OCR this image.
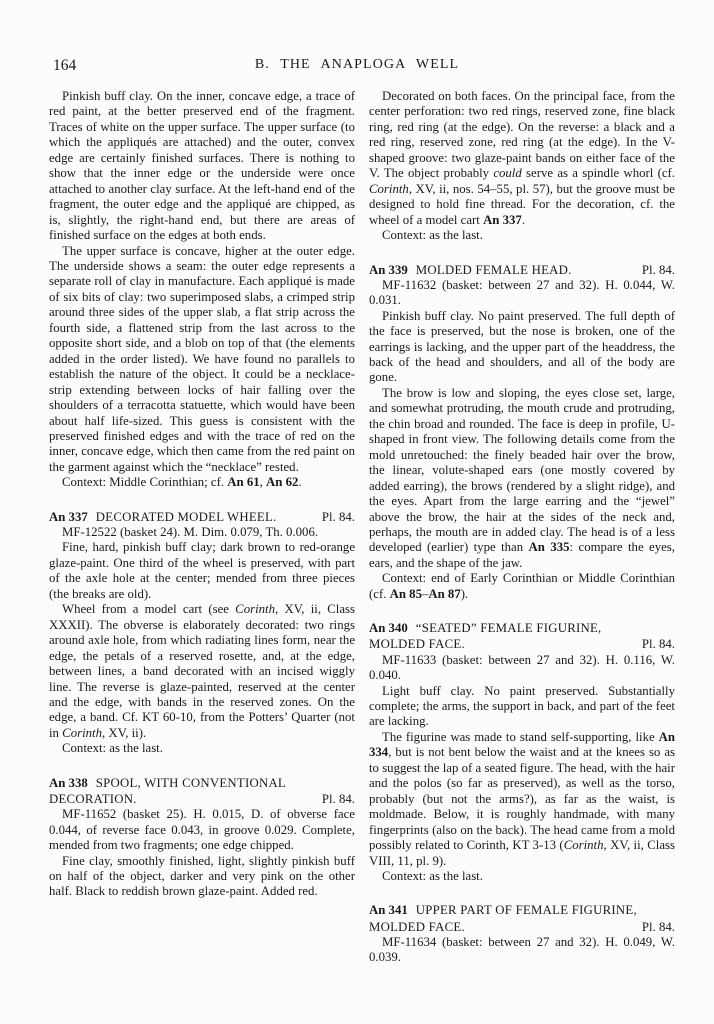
164	B. THE ANAPLOGA WELL

Pinkish buff clay. On the inner, concave edge, a trace of red paint, at the better preserved end of the fragment. Traces of white on the upper surface. The upper surface (to which the appliqués are attached) and the outer, convex edge are certainly finished surfaces. There is nothing to show that the inner edge or the underside were once attached to another clay surface. At the left-hand end of the fragment, the outer edge and the appliqué are chipped, as is, slightly, the right-hand end, but there are areas of finished surface on the edges at both ends.

The upper surface is concave, higher at the outer edge. The underside shows a seam: the outer edge represents a separate roll of clay in manufacture. Each appliqué is made of six bits of clay: two superimposed slabs, a crimped strip around three sides of the upper slab, a flat strip across the fourth side, a flattened strip from the last across to the opposite short side, and a blob on top of that (the elements added in the order listed). We have found no parallels to establish the nature of the object. It could be a necklace-strip extending between locks of hair falling over the shoulders of a terracotta statuette, which would have been about half life-sized. This guess is consistent with the preserved finished edges and with the trace of red on the inner, concave edge, which then came from the red paint on the garment against which the “necklace” rested.

Context: Middle Corinthian; cf. An 61, An 62.

An 337 DECORATED MODEL WHEEL.	Pl. 84.

MF-12522 (basket 24). M. Dim. 0.079, Th. 0.006.

Fine, hard, pinkish buff clay; dark brown to red-orange glaze-paint. One third of the wheel is preserved, with part of the axle hole at the center; mended from three pieces (the breaks are old).

Wheel from a model cart (see Corinth, XV, ii, Class XXXII). The obverse is elaborately decorated: two rings around axle hole, from which radiating lines form, near the edge, the petals of a reserved rosette, and, at the edge, between lines, a band decorated with an incised wiggly line. The reverse is glaze-painted, reserved at the center and the edge, with bands in the reserved zones. On the edge, a band. Cf. KT 60-10, from the Potters’ Quarter (not in Corinth, XV, ii).

Context: as the last.

An 338 SPOOL, WITH CONVENTIONAL
DECORATION.	Pl. 84.

MF-11652 (basket 25). H. 0.015, D. of obverse face 0.044, of reverse face 0.043, in groove 0.029. Complete, mended from two fragments; one edge chipped.

Fine clay, smoothly finished, light, slightly pinkish buff on half of the object, darker and very pink on the other half. Black to reddish brown glaze-paint. Added red.

Decorated on both faces. On the principal face, from the center perforation: two red rings, reserved zone, fine black ring, red ring (at the edge). On the reverse: a black and a red ring, reserved zone, red ring (at the edge). In the V-shaped groove: two glaze-paint bands on either face of the V. The object probably could serve as a spindle whorl (cf. Corinth, XV, ii, nos. 54–55, pl. 57), but the groove must be designed to hold fine thread. For the decoration, cf. the wheel of a model cart An 337.

Context: as the last.

An 339 MOLDED FEMALE HEAD.	Pl. 84.

MF-11632 (basket: between 27 and 32). H. 0.044, W. 0.031.

Pinkish buff clay. No paint preserved. The full depth of the face is preserved, but the nose is broken, one of the earrings is lacking, and the upper part of the headdress, the back of the head and shoulders, and all of the body are gone.

The brow is low and sloping, the eyes close set, large, and somewhat protruding, the mouth crude and protruding, the chin broad and rounded. The face is deep in profile, U-shaped in front view. The following details come from the mold unretouched: the finely beaded hair over the brow, the linear, volute-shaped ears (one mostly covered by added earring), the brows (rendered by a slight ridge), and the eyes. Apart from the large earring and the “jewel” above the brow, the hair at the sides of the neck and, perhaps, the mouth are in added clay. The head is of a less developed (earlier) type than An 335: compare the eyes, ears, and the shape of the jaw.

Context: end of Early Corinthian or Middle Corinthian (cf. An 85–An 87).

An 340 “SEATED” FEMALE FIGURINE,
MOLDED FACE.	Pl. 84.

MF-11633 (basket: between 27 and 32). H. 0.116, W. 0.040.

Light buff clay. No paint preserved. Substantially complete; the arms, the support in back, and part of the feet are lacking.

The figurine was made to stand self-supporting, like An 334, but is not bent below the waist and at the knees so as to suggest the lap of a seated figure. The head, with the hair and the polos (so far as preserved), as well as the torso, probably (but not the arms?), as far as the waist, is moldmade. Below, it is roughly handmade, with many fingerprints (also on the back). The head came from a mold possibly related to Corinth, KT 3-13 (Corinth, XV, ii, Class VIII, 11, pl. 9).

Context: as the last.

An 341 UPPER PART OF FEMALE FIGURINE,
MOLDED FACE.	Pl. 84.

MF-11634 (basket: between 27 and 32). H. 0.049, W. 0.039.
